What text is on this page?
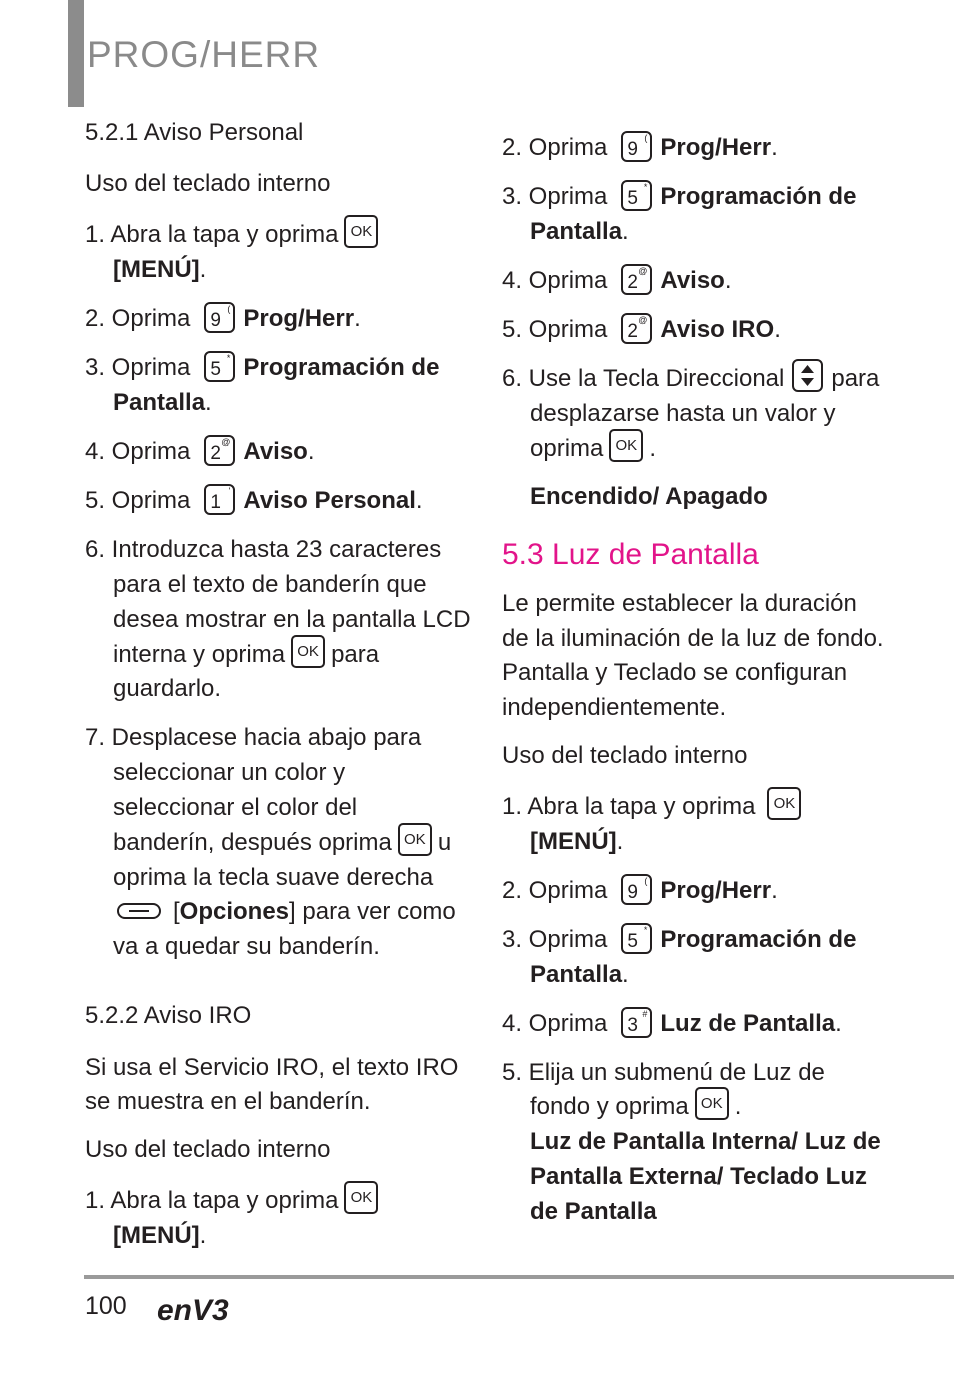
PROG/HERR
5.2.1 Aviso Personal
Uso del teclado interno
1. Abra la tapa y oprima OK
[MENÚ].
2. Oprima 9
( Prog/Herr.
3. Oprima 5
* Programación de
Pantalla.
4. Oprima 2
@ Aviso.
5. Oprima 1
' Aviso Personal.
6. Introduzca hasta 23 caracteres
para el texto de banderín que
desea mostrar en la pantalla LCD
interna y oprima OK para
guardarlo.
7. Desplacese hacia abajo para
seleccionar un color y
seleccionar el color del
banderín, después oprima OK u
oprima la tecla suave derecha
[Opciones] para ver como
va a quedar su banderín.
5.2.2 Aviso IRO
Si usa el Servicio IRO, el texto IRO
se muestra en el banderín.
Uso del teclado interno
1. Abra la tapa y oprima OK
[MENÚ].
2. Oprima 9
( Prog/Herr.
3. Oprima 5
* Programación de
Pantalla.
4. Oprima 2
@ Aviso.
5. Oprima 2
@ Aviso IRO.
6. Use la Tecla Direccional para
desplazarse hasta un valor y
oprima OK .
Encendido/ Apagado
5.3 Luz de Pantalla
Le permite establecer la duración
de la iluminación de la luz de fondo.
Pantalla y Teclado se configuran
independientemente.
Uso del teclado interno
1. Abra la tapa y oprima OK
[MENÚ].
2. Oprima 9
( Prog/Herr.
3. Oprima 5
* Programación de
Pantalla.
4. Oprima 3
# Luz de Pantalla.
5. Elija un submenú de Luz de
fondo y oprima OK .
Luz de Pantalla Interna/ Luz de
Pantalla Externa/ Teclado Luz
de Pantalla
100 enV3
